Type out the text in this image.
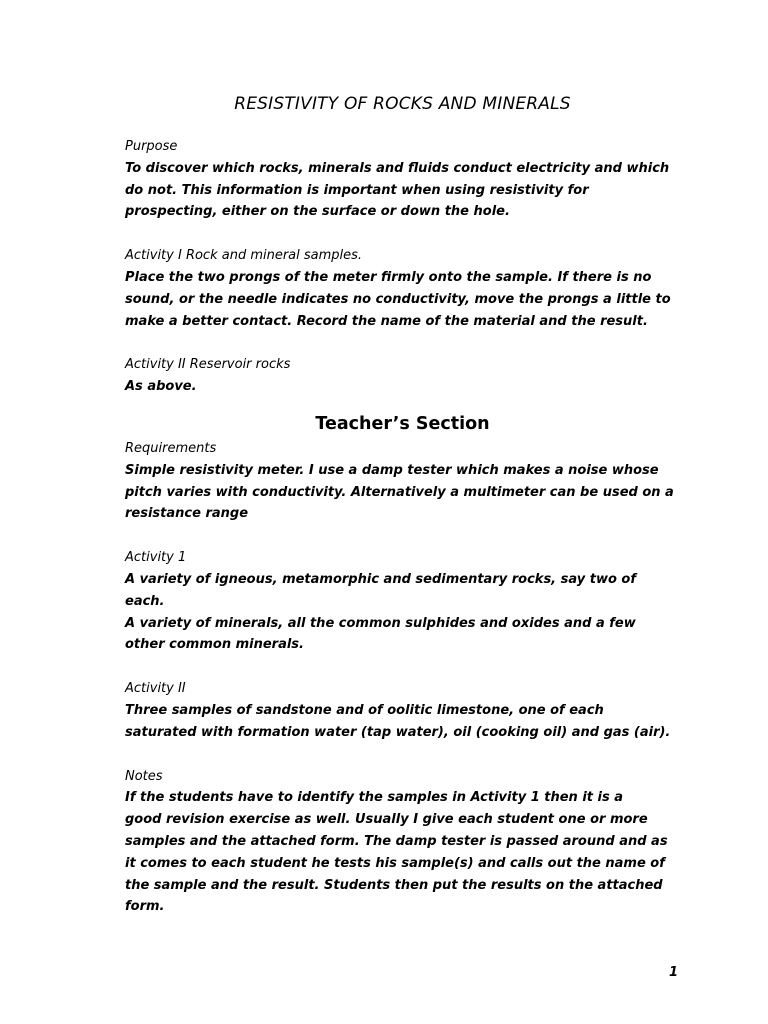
RESISTIVITY OF ROCKS AND MINERALS
Purpose
To discover which rocks, minerals and fluids conduct electricity and which
do not. This information is important when using resistivity for
prospecting, either on the surface or down the hole.
Activity I Rock and mineral samples.
Place the two prongs of the meter firmly onto the sample. If there is no
sound, or the needle indicates no conductivity, move the prongs a little to
make a better contact. Record the name of the material and the result.
Activity II Reservoir rocks
As above.
Teacher’s Section
Requirements
Simple resistivity meter. I use a damp tester which makes a noise whose
pitch varies with conductivity. Alternatively a multimeter can be used on a
resistance range
Activity 1
A variety of igneous, metamorphic and sedimentary rocks, say two of
each.
A variety of minerals, all the common sulphides and oxides and a few
other common minerals.
Activity II
Three samples of sandstone and of oolitic limestone, one of each
saturated with formation water (tap water), oil (cooking oil) and gas (air).
Notes
If the students have to identify the samples in Activity 1 then it is a
good revision exercise as well. Usually I give each student one or more
samples and the attached form. The damp tester is passed around and as
it comes to each student he tests his sample(s) and calls out the name of
the sample and the result. Students then put the results on the attached
form.
1
